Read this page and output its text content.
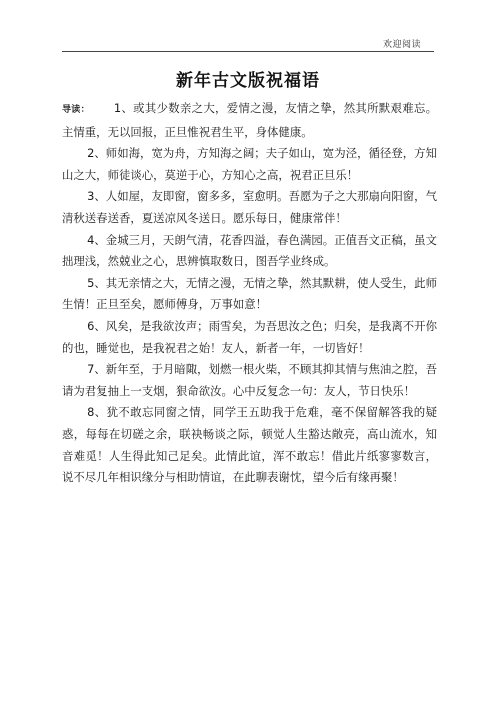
欢迎阅读
新年古文版祝福语

导读： 1、或其少数亲之大，爱情之漫，友情之挚，然其所默艰难忘。主情重，无以回报，正旦惟祝君生平，身体健康。

2、师如海，宽为舟，方知海之阔；夫子如山，宽为泾，循径登，方知山之大，师徒谈心，莫逆于心，方知心之高，祝君正旦乐！

3、人如屋，友即窗，窗多多，室愈明。吾愿为子之大那扇向阳窗，气清秋送春送香，夏送凉风冬送日。愿乐每日，健康常伴！

4、金城三月，天朗气清，花香四溢，春色满园。正值吾文正稿，虽文拙理浅，然兢业之心，思辨慎取数日，图吾学业终成。

5、其无亲情之大，无情之漫，无情之挚，然其默耕，使人受生，此师生情！正旦至矣，愿师傅身，万事如意！

6、风矣，是我欲汝声；雨雪矣，为吾思汝之色；归矣，是我离不开你的也，睡觉也，是我祝君之始！友人，新者一年，一切皆好！

7、新年至，于月暗陬，划燃一根火柴，不顾其抑其情与焦油之腔，吾请为君复抽上一支烟，狠命欲汝。心中反复念一句：友人，节日快乐！

8、犹不敢忘同窗之情，同学王五助我于危难，毫不保留解答我的疑惑，每每在切磋之余，联袂畅谈之际，顿觉人生豁达敞亮，高山流水，知音难觅！人生得此知己足矣。此情此谊，浑不敢忘！借此片纸寥寥数言，说不尽几年相识缘分与相助情谊，在此聊表谢忱，望今后有缘再聚！
